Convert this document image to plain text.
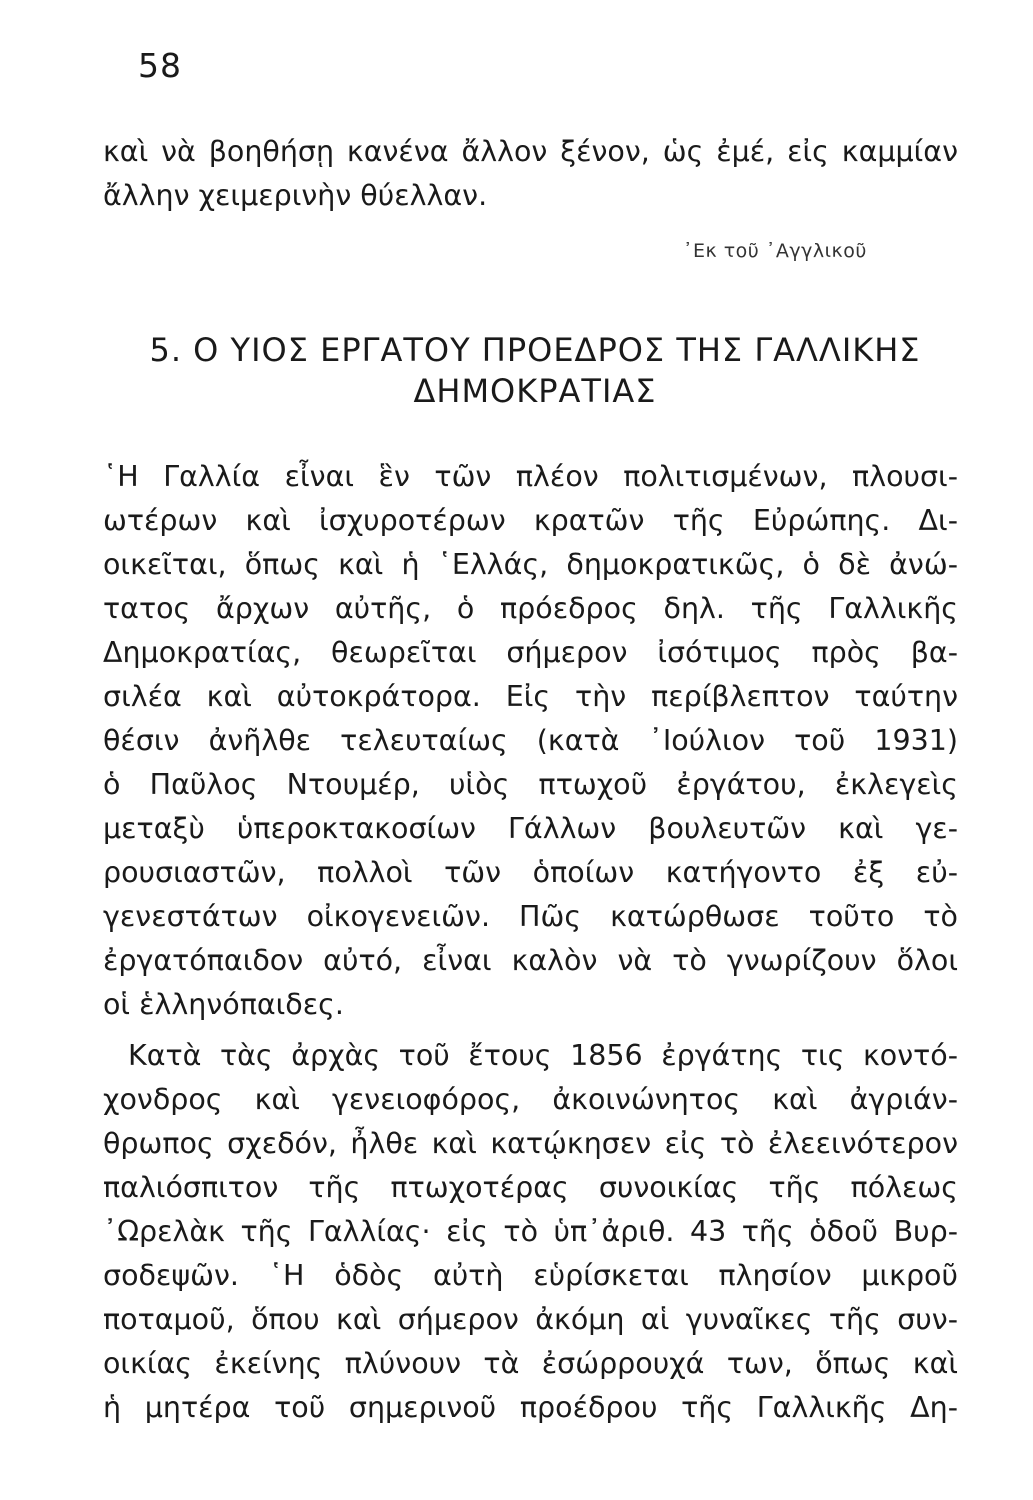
58
καὶ νὰ βοηθήσῃ κανένα ἄλλον ξένον, ὡς ἐμέ, εἰς καμμίαν
ἄλλην χειμερινὴν θύελλαν.
᾿Εκ τοῦ ᾿Αγγλικοῦ
5. Ο ΥΙΟΣ ΕΡΓΑΤΟΥ ΠΡΟΕΔΡΟΣ ΤΗΣ ΓΑΛΛΙΚΗΣ
ΔΗΜΟΚΡΑΤΙΑΣ
῾Η Γαλλία εἶναι ἓν τῶν πλέον πολιτισμένων, πλουσι-
ωτέρων καὶ ἰσχυροτέρων κρατῶν τῆς Εὐρώπης. Δι-
οικεῖται, ὅπως καὶ ἡ ῾Ελλάς, δημοκρατικῶς, ὁ δὲ ἀνώ-
τατος ἄρχων αὐτῆς, ὁ πρόεδρος δηλ. τῆς Γαλλικῆς
Δημοκρατίας, θεωρεῖται σήμερον ἰσότιμος πρὸς βα-
σιλέα καὶ αὐτοκράτορα. Εἰς τὴν περίβλεπτον ταύτην
θέσιν ἀνῆλθε τελευταίως (κατὰ ᾿Ιούλιον τοῦ 1931)
ὁ Παῦλος Ντουμέρ, υἱὸς πτωχοῦ ἐργάτου, ἐκλεγεὶς
μεταξὺ ὑπεροκτακοσίων Γάλλων βουλευτῶν καὶ γε-
ρουσιαστῶν, πολλοὶ τῶν ὁποίων κατήγοντο ἐξ εὐ-
γενεστάτων οἰκογενειῶν. Πῶς κατώρθωσε τοῦτο τὸ
ἐργατόπαιδον αὐτό, εἶναι καλὸν νὰ τὸ γνωρίζουν ὅλοι
οἱ ἑλληνόπαιδες.
Κατὰ τὰς ἀρχὰς τοῦ ἔτους 1856 ἐργάτης τις κοντό-
χονδρος καὶ γενειοφόρος, ἀκοινώνητος καὶ ἀγριάν-
θρωπος σχεδόν, ἦλθε καὶ κατῴκησεν εἰς τὸ ἐλεεινότερον
παλιόσπιτον τῆς πτωχοτέρας συνοικίας τῆς πόλεως
᾿Ωρελὰκ τῆς Γαλλίας· εἰς τὸ ὑπ᾿ἀριθ. 43 τῆς ὁδοῦ Βυρ-
σοδεψῶν. ῾Η ὁδὸς αὐτὴ εὑρίσκεται πλησίον μικροῦ
ποταμοῦ, ὅπου καὶ σήμερον ἀκόμη αἱ γυναῖκες τῆς συν-
οικίας ἐκείνης πλύνουν τὰ ἐσώρρουχά των, ὅπως καὶ
ἡ μητέρα τοῦ σημερινοῦ προέδρου τῆς Γαλλικῆς Δη-
